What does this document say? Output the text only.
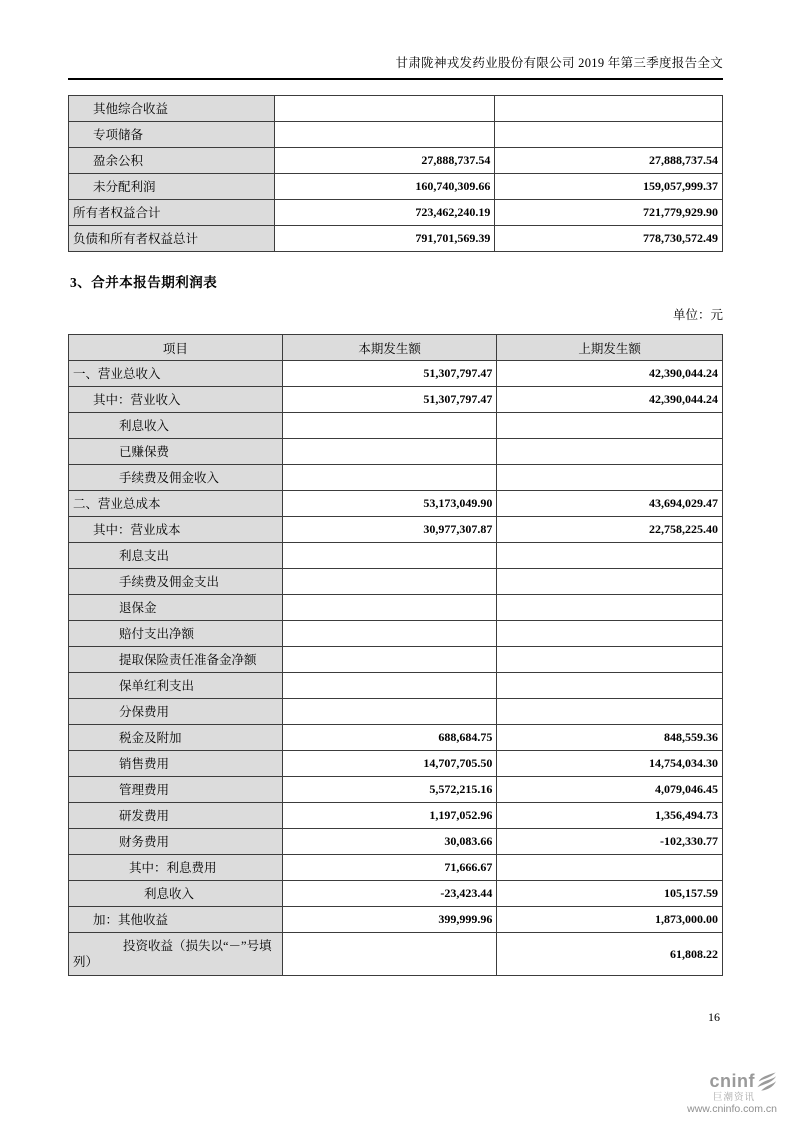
甘肃陇神戎发药业股份有限公司 2019 年第三季度报告全文
其他综合收益		
专项储备		
盈余公积	27,888,737.54	27,888,737.54
未分配利润	160,740,309.66	159,057,999.37
所有者权益合计	723,462,240.19	721,779,929.90
负债和所有者权益总计	791,701,569.39	778,730,572.49
3、合并本报告期利润表
单位：元
项目	本期发生额	上期发生额
一、营业总收入	51,307,797.47	42,390,044.24
其中：营业收入	51,307,797.47	42,390,044.24
利息收入		
已赚保费		
手续费及佣金收入		
二、营业总成本	53,173,049.90	43,694,029.47
其中：营业成本	30,977,307.87	22,758,225.40
利息支出		
手续费及佣金支出		
退保金		
赔付支出净额		
提取保险责任准备金净额		
保单红利支出		
分保费用		
税金及附加	688,684.75	848,559.36
销售费用	14,707,705.50	14,754,034.30
管理费用	5,572,215.16	4,079,046.45
研发费用	1,197,052.96	1,356,494.73
财务费用	30,083.66	-102,330.77
其中：利息费用	71,666.67	
利息收入	-23,423.44	105,157.59
加：其他收益	399,999.96	1,873,000.00
投资收益（损失以“－”号填列）		61,808.22
16
cninf
巨潮资讯
www.cninfo.com.cn
